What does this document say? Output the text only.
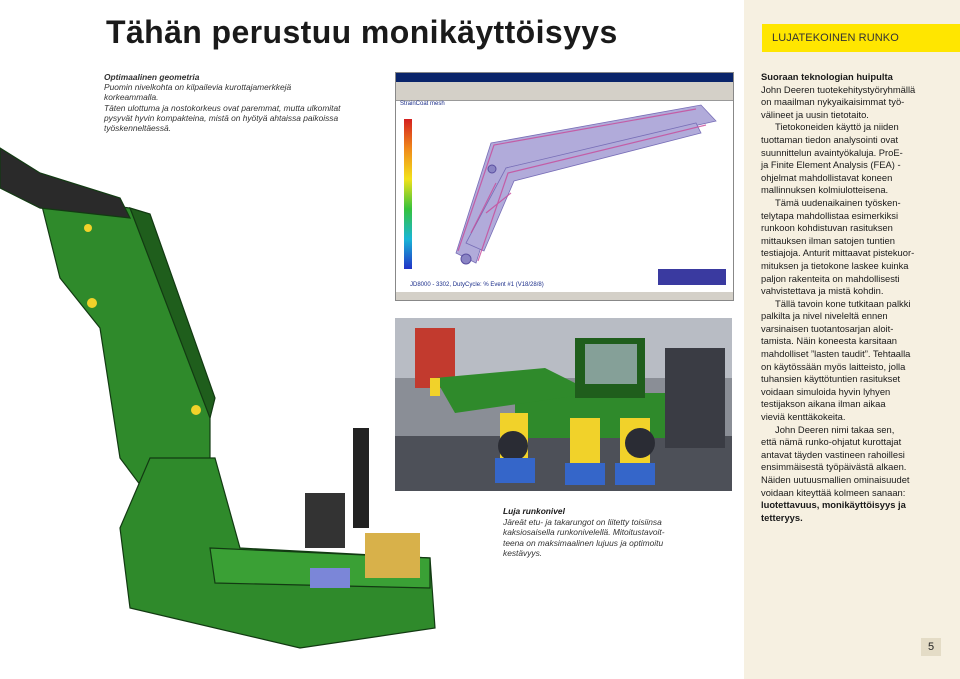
LUJATEKOINEN RUNKO
Tähän perustuu monikäyttöisyys
Optimaalinen geometria
Puomin nivelkohta on kilpailevia kurottajamerkkejä korkeammalla.
Täten ulottuma ja nostokorkeus ovat paremmat, mutta ulkomitat
pysyvät hyvin kompakteina, mistä on hyötyä ahtaissa paikoissa
työskenneltäessä.
StrainCoat mesh
JD8000 - 3302, DutyCycle: % Event #1 (V18/28/8)
Luja runkonivel
Järeät etu- ja takarungot on liitetty toisiinsa
kaksiosaisella runkonivelellä. Mitoitustavoit-
teena on maksimaalinen lujuus ja optimoitu
kestävyys.

Suoraan teknologian huipulta

John Deeren tuotekehitystyöryhmällä

on maailman nykyaikaisimmat työ-

välineet ja uusin tietotaito.

Tietokoneiden käyttö ja niiden

tuottaman tiedon analysointi ovat

suunnittelun avaintyökaluja. ProE-

ja Finite Element Analysis (FEA) -

ohjelmat mahdollistavat koneen

mallinnuksen kolmiulotteisena.

Tämä uudenaikainen työsken-

telytapa mahdollistaa esimerkiksi

runkoon kohdistuvan rasituksen

mittauksen ilman satojen tuntien

testiajoja. Anturit mittaavat pistekuor-

mituksen ja tietokone laskee kuinka

paljon rakenteita on mahdollisesti

vahvistettava ja mistä kohdin.

Tällä tavoin kone tutkitaan palkki

palkilta ja nivel niveleltä ennen

varsinaisen tuotantosarjan aloit-

tamista. Näin koneesta karsitaan

mahdolliset ”lasten taudit”. Tehtaalla

on käytössään myös laitteisto, jolla

tuhansien käyttötuntien rasitukset

voidaan simuloida hyvin lyhyen

testijakson aikana ilman aikaa

vieviä kenttäkokeita.

John Deeren nimi takaa sen,

että nämä runko-ohjatut kurottajat

antavat täyden vastineen rahoillesi

ensimmäisestä työpäivästä alkaen.

Näiden uutuusmallien ominaisuudet

voidaan kiteyttää kolmeen sanaan:

luotettavuus, monikäyttöisyys ja

tetteryys.

5
